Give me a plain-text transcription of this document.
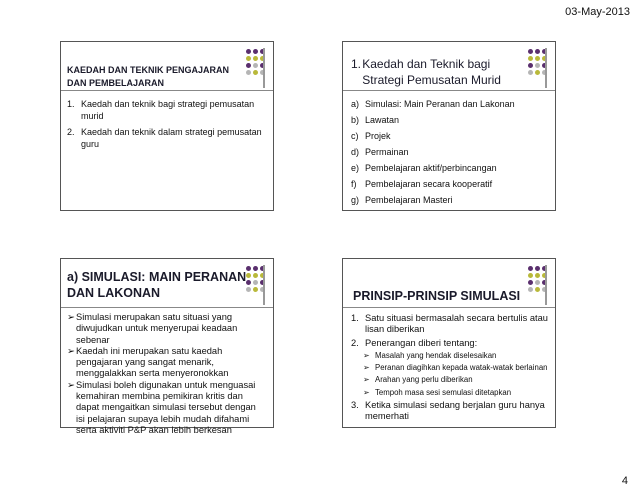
03-May-2013
KAEDAH DAN TEKNIK PENGAJARAN DAN PEMBELAJARAN
1. Kaedah dan teknik bagi strategi pemusatan murid
2. Kaedah dan teknik dalam strategi pemusatan guru
1. Kaedah dan Teknik bagi Strategi Pemusatan Murid
a) Simulasi: Main Peranan dan Lakonan
b) Lawatan
c) Projek
d) Permainan
e) Pembelajaran aktif/perbincangan
f) Pembelajaran secara kooperatif
g) Pembelajaran Masteri
a) SIMULASI: MAIN PERANAN DAN LAKONAN
➢ Simulasi merupakan satu situasi yang diwujudkan untuk menyerupai keadaan sebenar
➢ Kaedah ini merupakan satu kaedah pengajaran yang sangat menarik, menggalakkan serta menyeronokkan
➢ Simulasi boleh digunakan untuk menguasai kemahiran membina pemikiran kritis dan dapat mengaitkan simulasi tersebut dengan isi pelajaran supaya lebih mudah difahami serta aktiviti P&P akan lebih berkesan
PRINSIP-PRINSIP SIMULASI
1. Satu situasi bermasalah secara bertulis atau lisan diberikan
2. Penerangan diberi tentang:
➢ Masalah yang hendak diselesaikan
➢ Peranan diagihkan kepada watak-watak berlainan
➢ Arahan yang perlu diberikan
➢ Tempoh masa sesi semulasi ditetapkan
3. Ketika simulasi sedang berjalan guru hanya memerhati
4
